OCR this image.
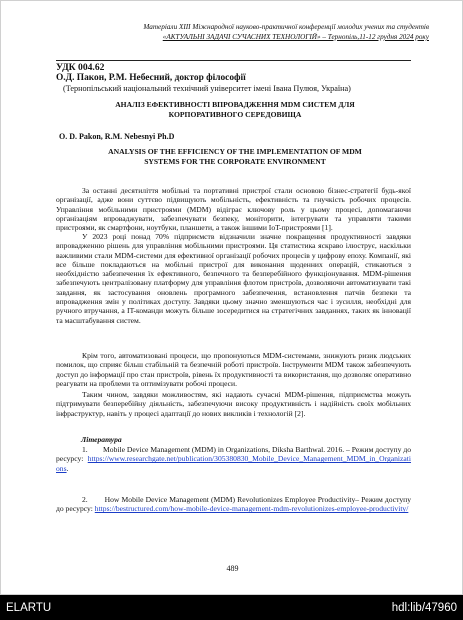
Матеріали XIII Міжнародної науково-практичної конференції молодих учених та студентів
«АКТУАЛЬНІ ЗАДАЧІ СУЧАСНИХ ТЕХНОЛОГІЙ» – Тернопіль,11-12 грудня 2024 року
УДК 004.62
О.Д. Пакон, Р.М. Небесний, доктор філософії
(Тернопільський національний технічний університет імені Івана Пулюя, Україна)
АНАЛІЗ ЕФЕКТИВНОСТІ ВПРОВАДЖЕННЯ MDM СИСТЕМ ДЛЯ
КОРПОРАТИВНОГО СЕРЕДОВИЩА
O. D. Pakon, R.M. Nebesnyi Ph.D
ANALYSIS OF THE EFFICIENCY OF THE IMPLEMENTATION OF MDM
SYSTEMS FOR THE CORPORATE ENVIRONMENT
За останні десятиліття мобільні та портативні пристрої стали основою бізнес-стратегії будь-якої організації, адже вони суттєво підвищують мобільність, ефективність та гнучкість робочих процесів. Управління мобільними пристроями (MDM) відіграє ключову роль у цьому процесі, допомагаючи організаціям впроваджувати, забезпечувати безпеку, моніторити, інтегрувати та управляти такими пристроями, як смартфони, ноутбуки, планшети, а також іншими IoT-пристроями [1].
У 2023 році понад 70% підприємств відзначили значне покращення продуктивності завдяки впровадженню рішень для управління мобільними пристроями. Ця статистика яскраво ілюструє, наскільки важливими стали MDM-системи для ефективної організації робочих процесів у цифрову епоху. Компанії, які все більше покладаються на мобільні пристрої для виконання щоденних операцій, стикаються з необхідністю забезпечення їх ефективного, безпечного та безперебійного функціонування. MDM-рішення забезпечують централізовану платформу для управління флотом пристроїв, дозволяючи автоматизувати такі завдання, як застосування оновлень програмного забезпечення, встановлення патчів безпеки та впровадження змін у політиках доступу. Завдяки цьому значно зменшуються час і зусилля, необхідні для ручного втручання, а IT-команди можуть більше зосередитися на стратегічних завданнях, таких як інновації та масштабування систем.
Крім того, автоматизовані процеси, що пропонуються MDM-системами, знижують ризик людських помилок, що сприяє більш стабільній та безпечній роботі пристроїв. Інструменти MDM також забезпечують доступ до інформації про стан пристроїв, рівень їх продуктивності та використання, що дозволяє оперативно реагувати на проблеми та оптимізувати робочі процеси.
Таким чином, завдяки можливостям, які надають сучасні MDM-рішення, підприємства можуть підтримувати безперебійну діяльність, забезпечуючи високу продуктивність і надійність своїх мобільних інфраструктур, навіть у процесі адаптації до нових викликів і технологій [2].
Література
1.        Mobile Device Management (MDM) in Organizations, Diksha Barthwal. 2016. – Режим доступу до ресурсу: https://www.researchgate.net/publication/305380830_Mobile_Device_Management_MDM_in_Organizations.
2.        How Mobile Device Management (MDM) Revolutionizes Employee Productivity– Режим доступу до ресурсу: https://bestructured.com/how-mobile-device-management-mdm-revolutionizes-employee-productivity/
489
ELARTU	hdl:lib/47960
